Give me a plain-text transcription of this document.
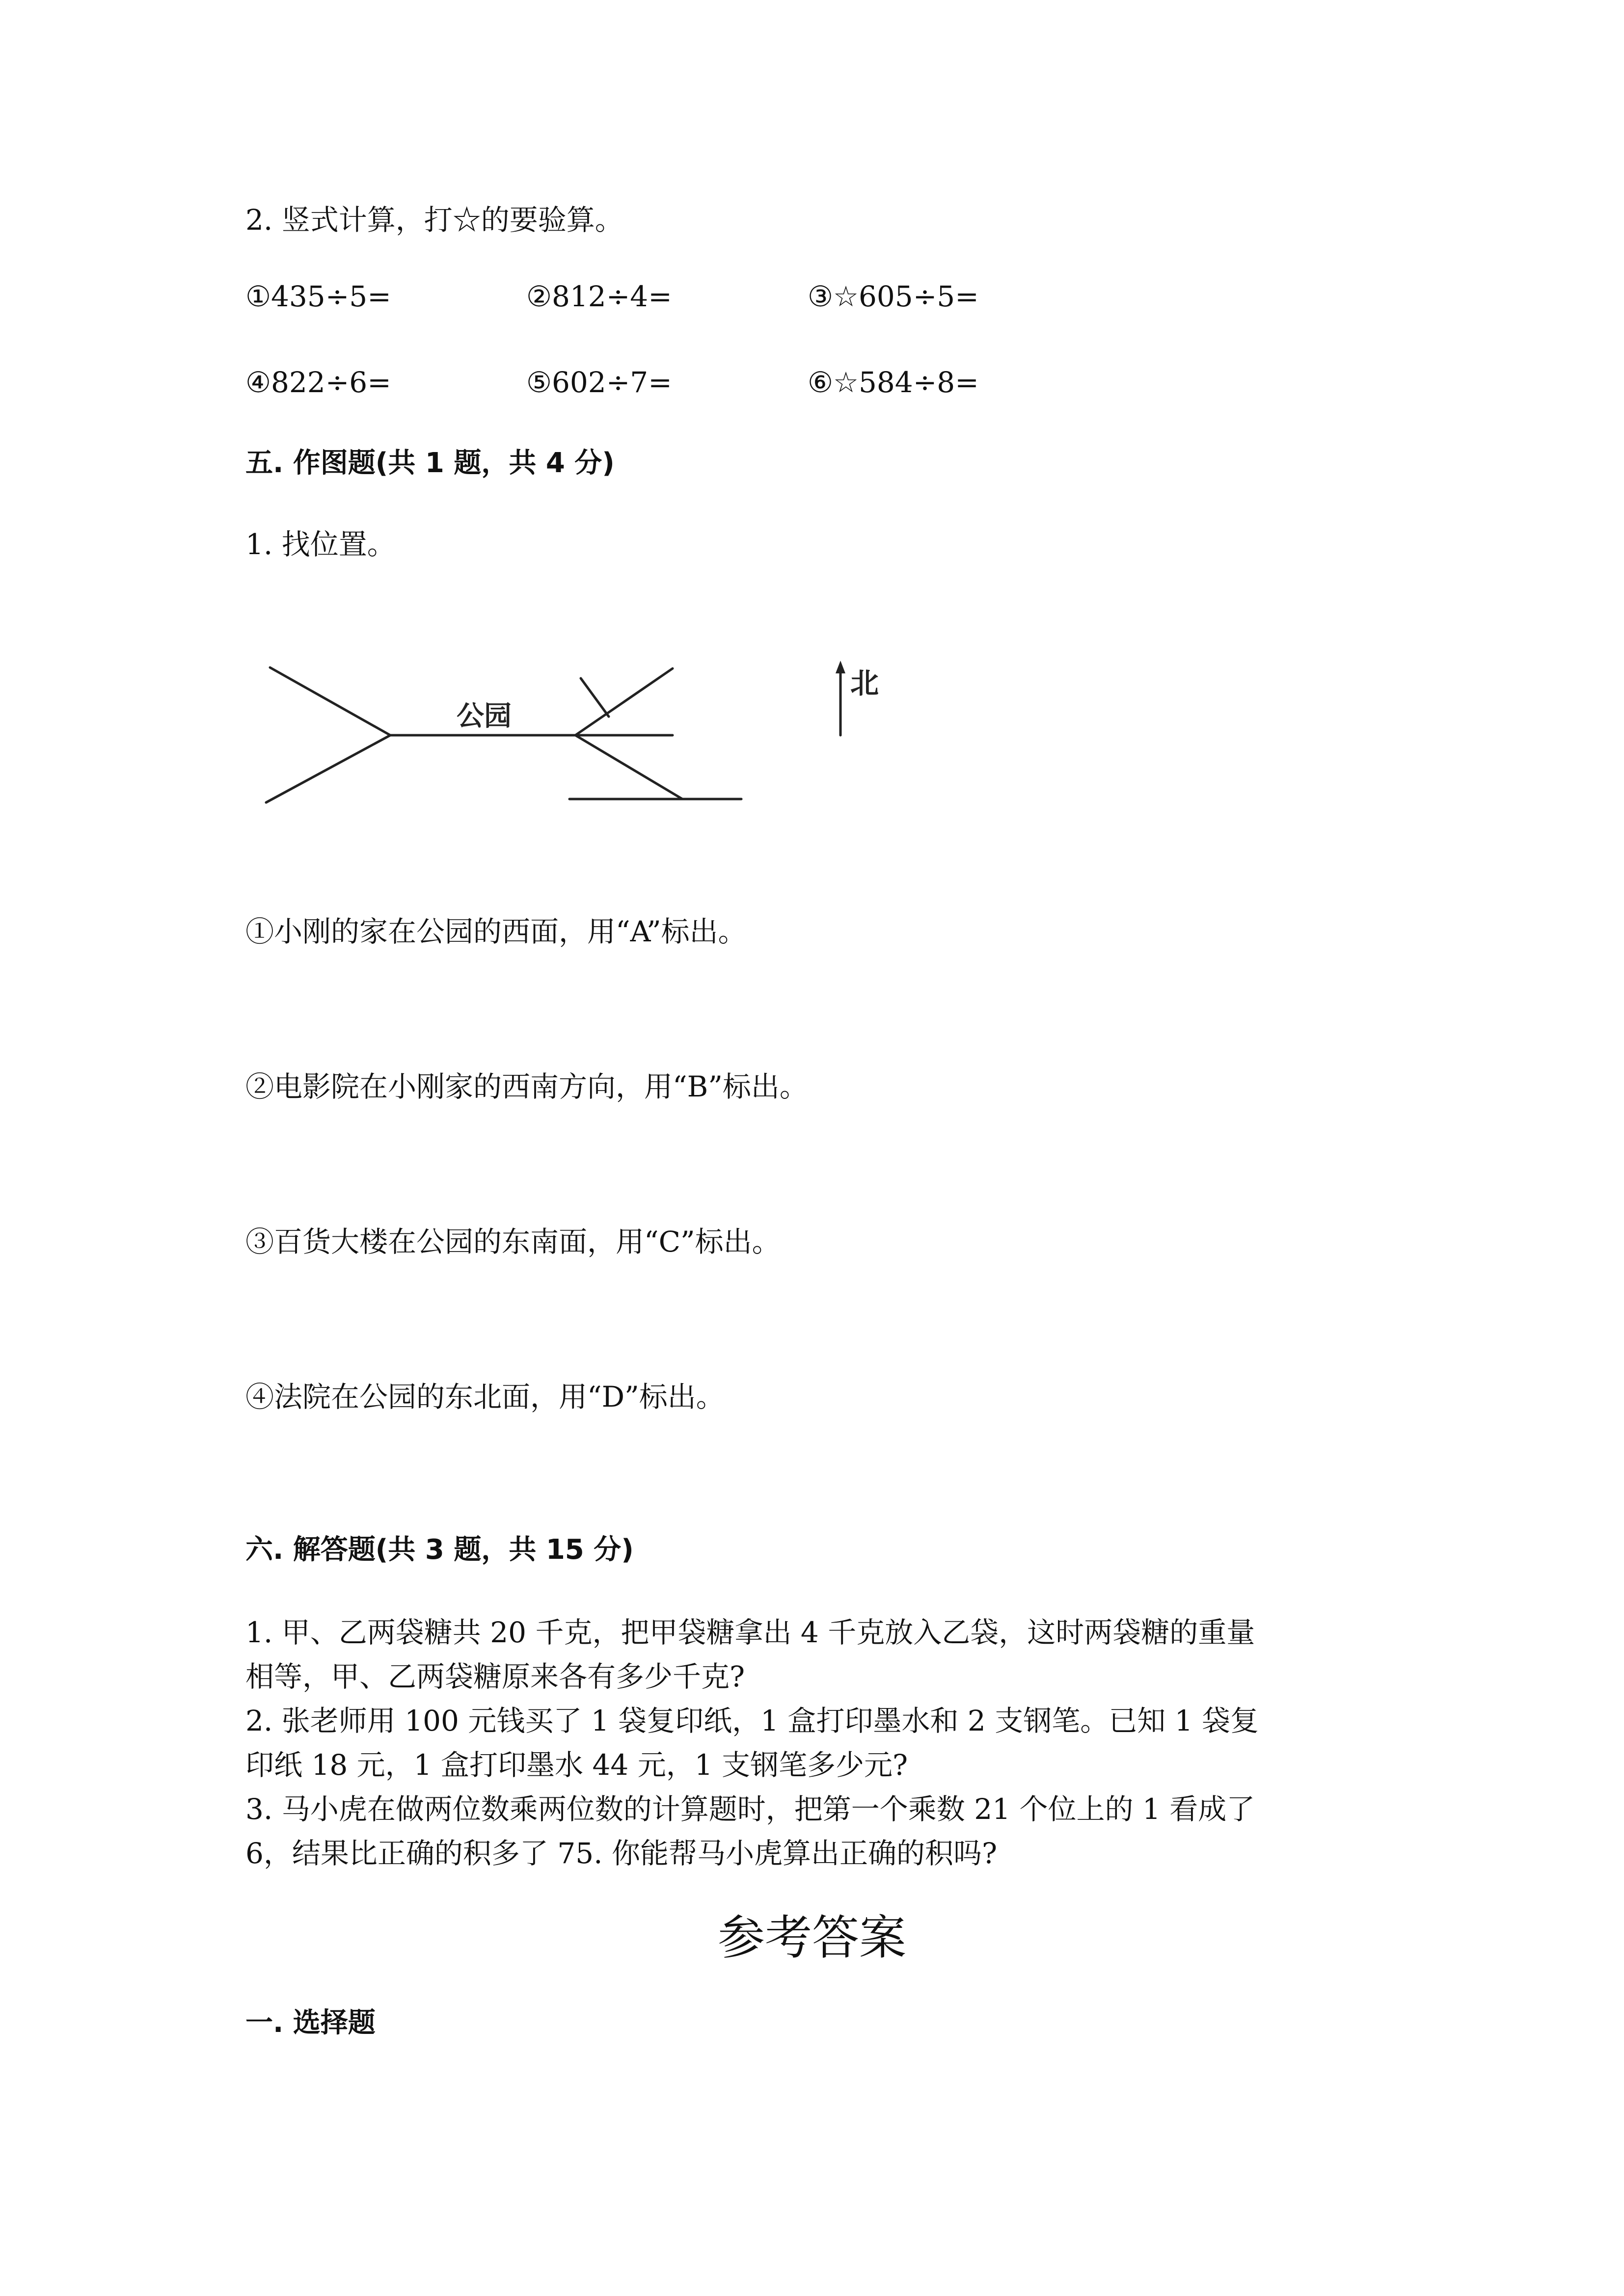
2. 竖式计算，打☆的要验算。
①435÷5=	②812÷4=	③☆605÷5=
④822÷6=	⑤602÷7=	⑥☆584÷8=
五. 作图题(共 1 题，共 4 分)
1. 找位置。
公园
北
①小刚的家在公园的西面，用“A”标出。
②电影院在小刚家的西南方向，用“B”标出。
③百货大楼在公园的东南面，用“C”标出。
④法院在公园的东北面，用“D”标出。
六. 解答题(共 3 题，共 15 分)
1. 甲、乙两袋糖共 20 千克，把甲袋糖拿出 4 千克放入乙袋，这时两袋糖的重量
相等，甲、乙两袋糖原来各有多少千克?
2. 张老师用 100 元钱买了 1 袋复印纸，1 盒打印墨水和 2 支钢笔。已知 1 袋复
印纸 18 元，1 盒打印墨水 44 元，1 支钢笔多少元?
3. 马小虎在做两位数乘两位数的计算题时，把第一个乘数 21 个位上的 1 看成了
6，结果比正确的积多了 75. 你能帮马小虎算出正确的积吗?
参考答案
一. 选择题
